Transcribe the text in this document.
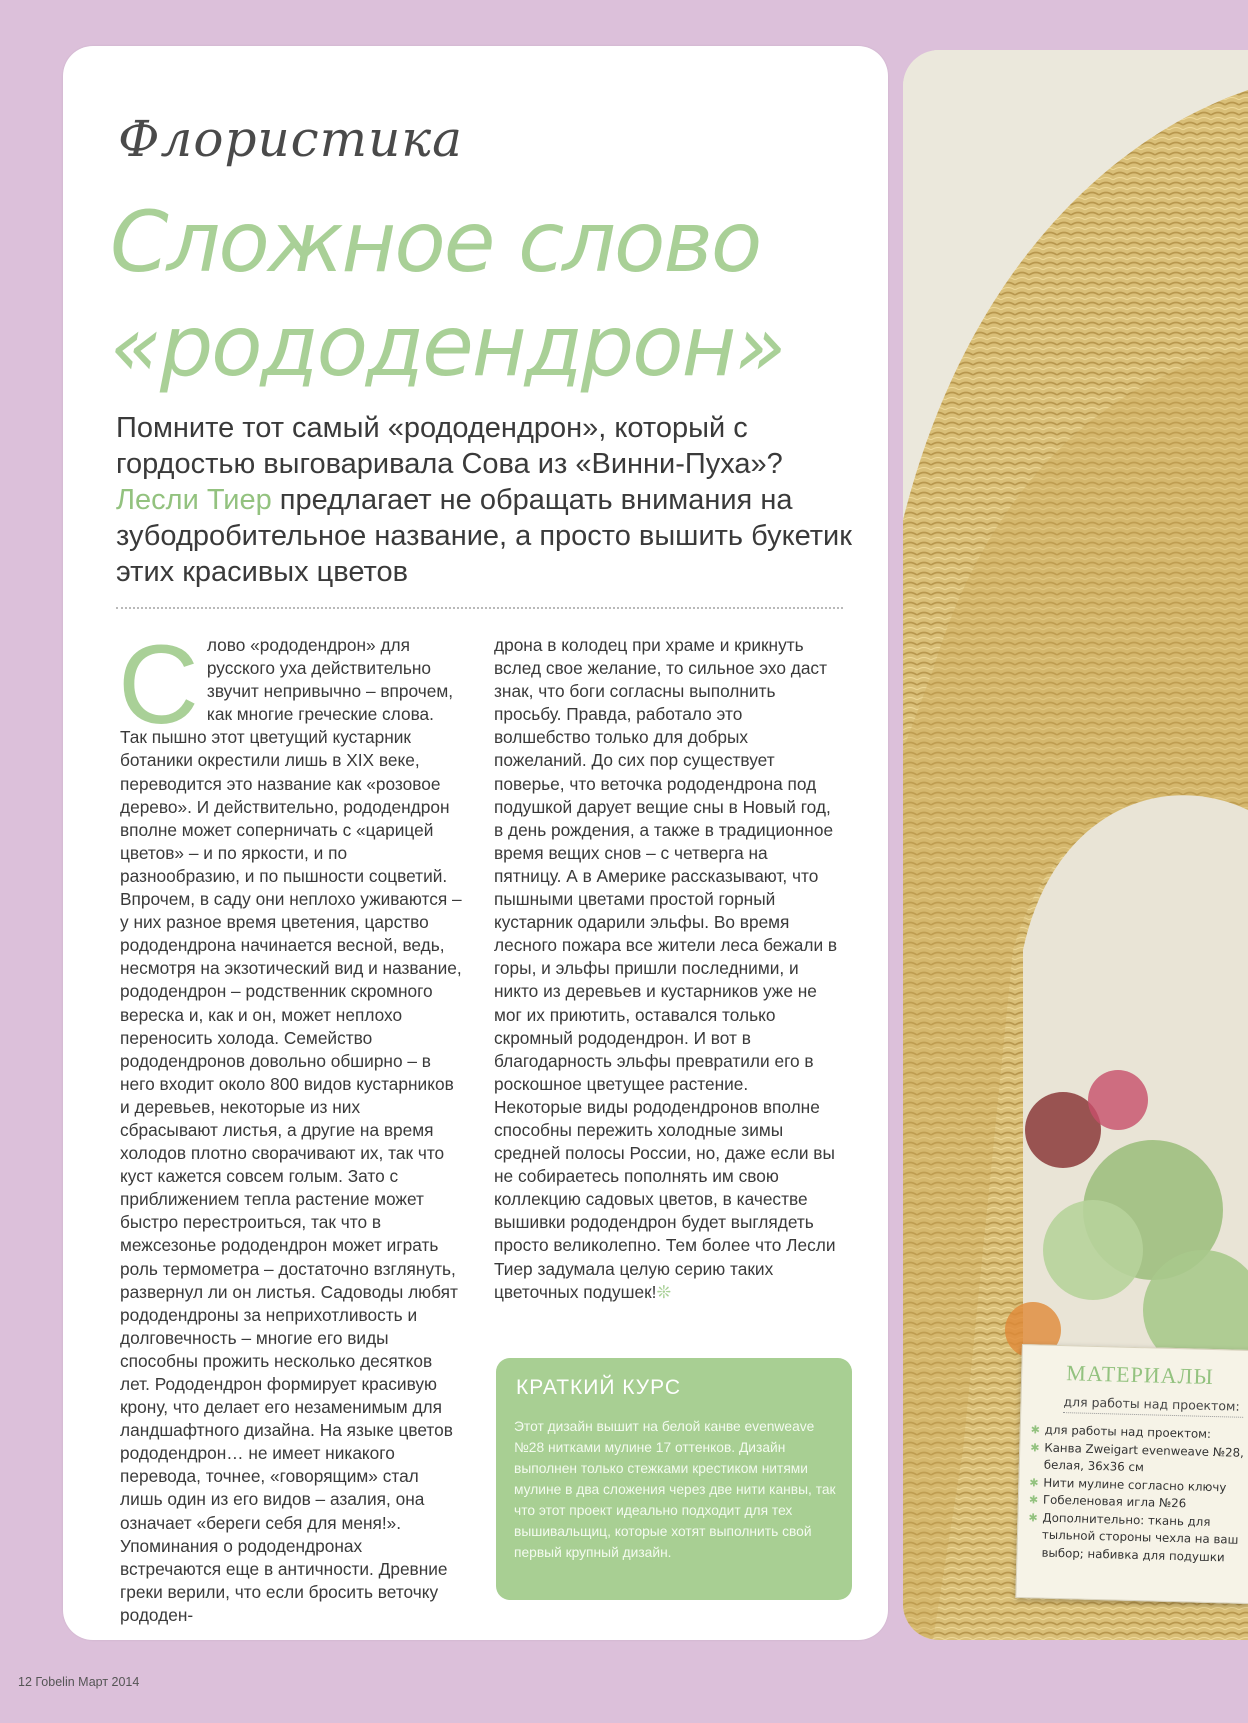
Флористика
Сложное слово
«рододендрон»
Помните тот самый «рододендрон», который с гордостью выговаривала Сова из «Винни-Пуха»? Лесли Тиер предлагает не обращать внимания на зубодробительное название, а просто вышить букетик этих красивых цветов
С лово «рододендрон» для русского уха действительно звучит непривычно – впрочем, как многие греческие слова. Так пышно этот цветущий кустарник ботаники окрестили лишь в XIX веке, переводится это название как «розовое дерево». И действительно, рододендрон вполне может соперничать с «царицей цветов» – и по яркости, и по разнообразию, и по пышности соцветий. Впрочем, в саду они неплохо уживаются – у них разное время цветения, царство рододендрона начинается весной, ведь, несмотря на экзотический вид и название, рододендрон – родственник скромного вереска и, как и он, может неплохо переносить холода. Семейство рододендронов довольно обширно – в него входит около 800 видов кустарников и деревьев, некоторые из них сбрасывают листья, а другие на время холодов плотно сворачивают их, так что куст кажется совсем голым. Зато с приближением тепла растение может быстро перестроиться, так что в межсезонье рододендрон может играть роль термометра – достаточно взглянуть, развернул ли он листья. Садоводы любят рододендроны за неприхотливость и долговечность – многие его виды способны прожить несколько десятков лет. Рододендрон формирует красивую крону, что делает его незаменимым для ландшафтного дизайна. На языке цветов рододендрон… не имеет никакого перевода, точнее, «говорящим» стал лишь один из его видов – азалия, она означает «береги себя для меня!». Упоминания о рододендронах встречаются еще в античности. Древние греки верили, что если бросить веточку рододен-

дрона в колодец при храме и крикнуть вслед свое желание, то сильное эхо даст знак, что боги согласны выполнить просьбу. Правда, работало это волшебство только для добрых пожеланий. До сих пор существует поверье, что веточка рододендрона под подушкой дарует вещие сны в Новый год, в день рождения, а также в традиционное время вещих снов – с четверга на пятницу. А в Америке рассказывают, что пышными цветами простой горный кустарник одарили эльфы. Во время лесного пожара все жители леса бежали в горы, и эльфы пришли последними, и никто из деревьев и кустарников уже не мог их приютить, оставался только скромный рододендрон. И вот в благодарность эльфы превратили его в роскошное цветущее растение. Некоторые виды рододендронов вполне способны пережить холодные зимы средней полосы России, но, даже если вы не собираетесь пополнять им свою коллекцию садовых цветов, в качестве вышивки рододендрон будет выглядеть просто великолепно. Тем более что Лесли Тиер задумала целую серию таких цветочных подушек!❊

КРАТКИЙ КУРС
Этот дизайн вышит на белой канве evenweave №28 нитками мулине 17 оттенков. Дизайн выполнен только стежками крестиком нитями мулине в два сложения через две нити канвы, так что этот проект идеально подходит для тех вышивальщиц, которые хотят выполнить свой первый крупный дизайн.
МАТЕРИАЛЫ
для работы над проектом:
✱ для работы над проектом:
✱ Канва Zweigart evenweave №28, белая, 36х36 см
✱ Нити мулине согласно ключу
✱ Гобеленовая игла №26
✱ Дополнительно: ткань для тыльной стороны чехла на ваш выбор; набивка для подушки
12 Гоbеlin Март 2014
